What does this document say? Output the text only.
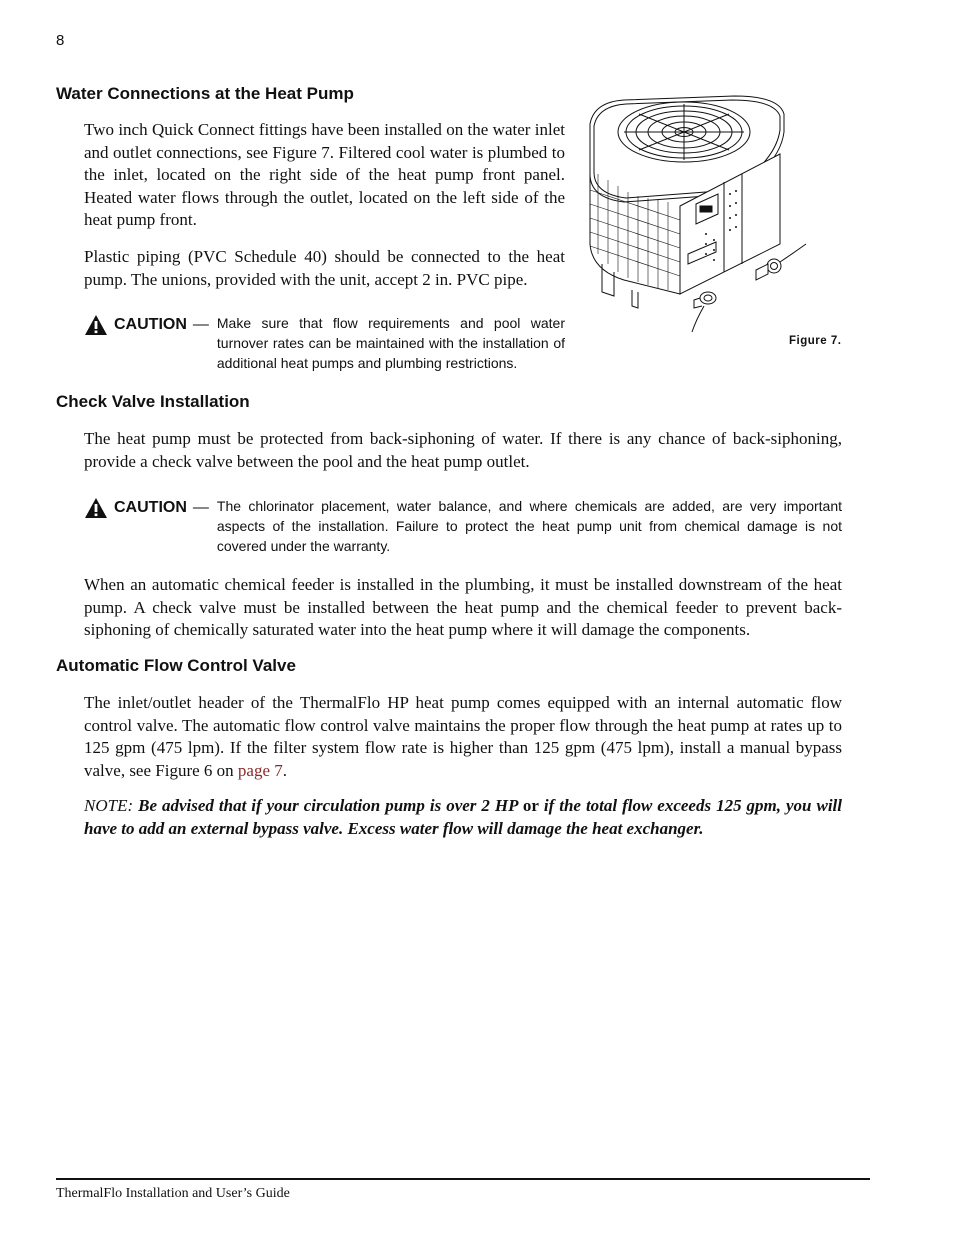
8
Water Connections at the Heat Pump

Two inch Quick Connect fittings have been installed on the water inlet and outlet connections, see Figure 7. Filtered cool water is plumbed to the inlet, located on the right side of the heat pump front panel. Heated water flows through the outlet, located on the left side of the heat pump front.

Plastic piping (PVC Schedule 40) should be connected to the heat pump. The unions, provided with the unit, accept 2 in. PVC pipe.

CAUTION — Make sure that flow requirements and pool water turnover rates can be maintained with the installation of additional heat pumps and plumbing restrictions.
Figure 7.
Check Valve Installation

The heat pump must be protected from back-siphoning of water. If there is any chance of back-siphoning, provide a check valve between the pool and the heat pump outlet.

CAUTION — The chlorinator placement, water balance, and where chemicals are added, are very important aspects of the installation. Failure to protect the heat pump unit from chemical damage is not covered under the warranty.

When an automatic chemical feeder is installed in the plumbing, it must be installed downstream of the heat pump. A check valve must be installed between the heat pump and the chemical feeder to prevent back-siphoning of chemically saturated water into the heat pump where it will damage the components.

Automatic Flow Control Valve

The inlet/outlet header of the ThermalFlo HP heat pump comes equipped with an internal automatic flow control valve. The automatic flow control valve maintains the proper flow through the heat pump at rates up to 125 gpm (475 lpm). If the filter system flow rate is higher than 125 gpm (475 lpm), install a manual bypass valve, see Figure 6 on page 7.

NOTE: Be advised that if your circulation pump is over 2 HP or if the total flow exceeds 125 gpm, you will have to add an external bypass valve. Excess water flow will damage the heat exchanger.

ThermalFlo Installation and User’s Guide
